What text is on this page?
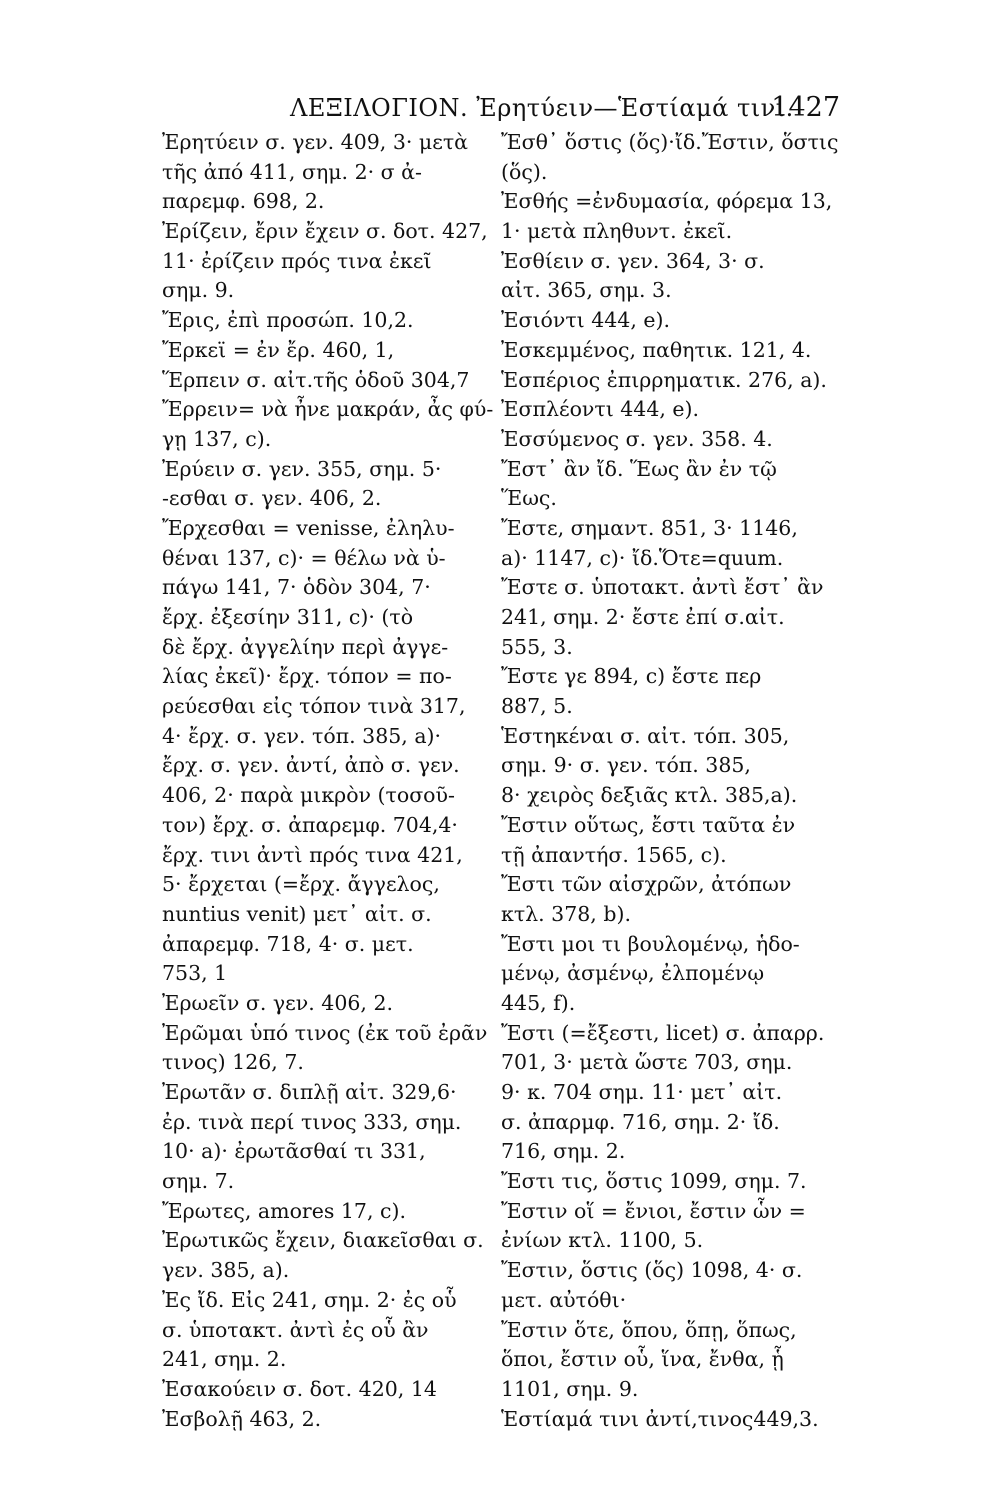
ΛΕΞΙΛΟΓΙΟΝ. Ἐρητύειν—Ἑστίαμά τινι.
1427
Ἐρητύειν σ. γεν. 409, 3· μετὰ
τῆς ἀπό 411, σημ. 2· σ ἀ-
παρεμφ. 698, 2.
Ἐρίζειν, ἔριν ἔχειν σ. δοτ. 427,
11· ἐρίζειν πρός τινα ἐκεῖ
σημ. 9.
Ἔρις, ἐπὶ προσώπ. 10,2.
Ἔρκεϊ = ἐν ἔρ. 460, 1,
Ἕρπειν σ. αἰτ.τῆς ὁδοῦ 304,7
Ἔρρειν= νὰ ἦνε μακράν, ἆς φύ-
γῃ 137, c).
Ἐρύειν σ. γεν. 355, σημ. 5·
-εσθαι σ. γεν. 406, 2.
Ἔρχεσθαι = venisse, ἐληλυ-
θέναι 137, c)· = θέλω νὰ ὑ-
πάγω 141, 7· ὁδὸν 304, 7·
ἔρχ. ἐξεσίην 311, c)· (τὸ
δὲ ἔρχ. ἀγγελίην περὶ ἀγγε-
λίας ἐκεῖ)· ἔρχ. τόπον = πο-
ρεύεσθαι εἰς τόπον τινὰ 317,
4· ἔρχ. σ. γεν. τόπ. 385, a)·
ἔρχ. σ. γεν. ἀντί, ἀπὸ σ. γεν.
406, 2· παρὰ μικρὸν (τοσοῦ-
τον) ἔρχ. σ. ἀπαρεμφ. 704,4·
ἔρχ. τινι ἀντὶ πρός τινα 421,
5· ἔρχεται (=ἔρχ. ἄγγελος,
nuntius venit) μετ᾽ αἰτ. σ.
ἀπαρεμφ. 718, 4· σ. μετ.
753, 1
Ἐρωεῖν σ. γεν. 406, 2.
Ἐρῶμαι ὑπό τινος (ἐκ τοῦ ἐρᾶν
τινος) 126, 7.
Ἐρωτᾶν σ. διπλῇ αἰτ. 329,6·
ἐρ. τινὰ περί τινος 333, σημ.
10· a)· ἐρωτᾶσθαί τι 331,
σημ. 7.
Ἔρωτες, amores 17, c).
Ἐρωτικῶς ἔχειν, διακεῖσθαι σ.
γεν. 385, a).
Ἐς ἴδ. Εἰς 241, σημ. 2· ἐς οὗ
σ. ὑποτακτ. ἀντὶ ἐς οὗ ἂν
241, σημ. 2.
Ἐσακούειν σ. δοτ. 420, 14
Ἐσβολῇ 463, 2.
Ἔσθ᾽ ὅστις (ὅς)·ἴδ.Ἔστιν, ὅστις
(ὅς).
Ἐσθής =ἐνδυμασία, φόρεμα 13,
1· μετὰ πληθυντ. ἐκεῖ.
Ἐσθίειν σ. γεν. 364, 3· σ.
αἰτ. 365, σημ. 3.
Ἐσιόντι 444, e).
Ἐσκεμμένος, παθητικ. 121, 4.
Ἑσπέριος ἐπιρρηματικ. 276, a).
Ἐσπλέοντι 444, e).
Ἐσσύμενος σ. γεν. 358. 4.
Ἔστ᾽ ἂν ἴδ. Ἕως ἂν ἐν τῷ
Ἕως.
Ἔστε, σημαντ. 851, 3· 1146,
a)· 1147, c)· ἴδ.Ὅτε=quum.
Ἔστε σ. ὑποτακτ. ἀντὶ ἔστ᾽ ἂν
241, σημ. 2· ἔστε ἐπί σ.αἰτ.
555, 3.
Ἔστε γε 894, c) ἔστε περ
887, 5.
Ἑστηκέναι σ. αἰτ. τόπ. 305,
σημ. 9· σ. γεν. τόπ. 385,
8· χειρὸς δεξιᾶς κτλ. 385,a).
Ἔστιν οὕτως, ἔστι ταῦτα ἐν
τῇ ἀπαντήσ. 1565, c).
Ἔστι τῶν αἰσχρῶν, ἀτόπων
κτλ. 378, b).
Ἔστι μοι τι βουλομένῳ, ἡδο-
μένῳ, ἀσμένῳ, ἐλπομένῳ
445, f).
Ἔστι (=ἔξεστι, licet) σ. ἀπαρρ.
701, 3· μετὰ ὥστε 703, σημ.
9· κ. 704 σημ. 11· μετ᾽ αἰτ.
σ. ἀπαρμφ. 716, σημ. 2· ἴδ.
716, σημ. 2.
Ἔστι τις, ὅστις 1099, σημ. 7.
Ἔστιν οἵ = ἔνιοι, ἔστιν ὧν =
ἐνίων κτλ. 1100, 5.
Ἔστιν, ὅστις (ὅς) 1098, 4· σ.
μετ. αὐτόθι·
Ἔστιν ὅτε, ὅπου, ὅπῃ, ὅπως,
ὅποι, ἔστιν οὗ, ἵνα, ἔνθα, ᾗ
1101, σημ. 9.
Ἑστίαμά τινι ἀντί,τινος449,3.
